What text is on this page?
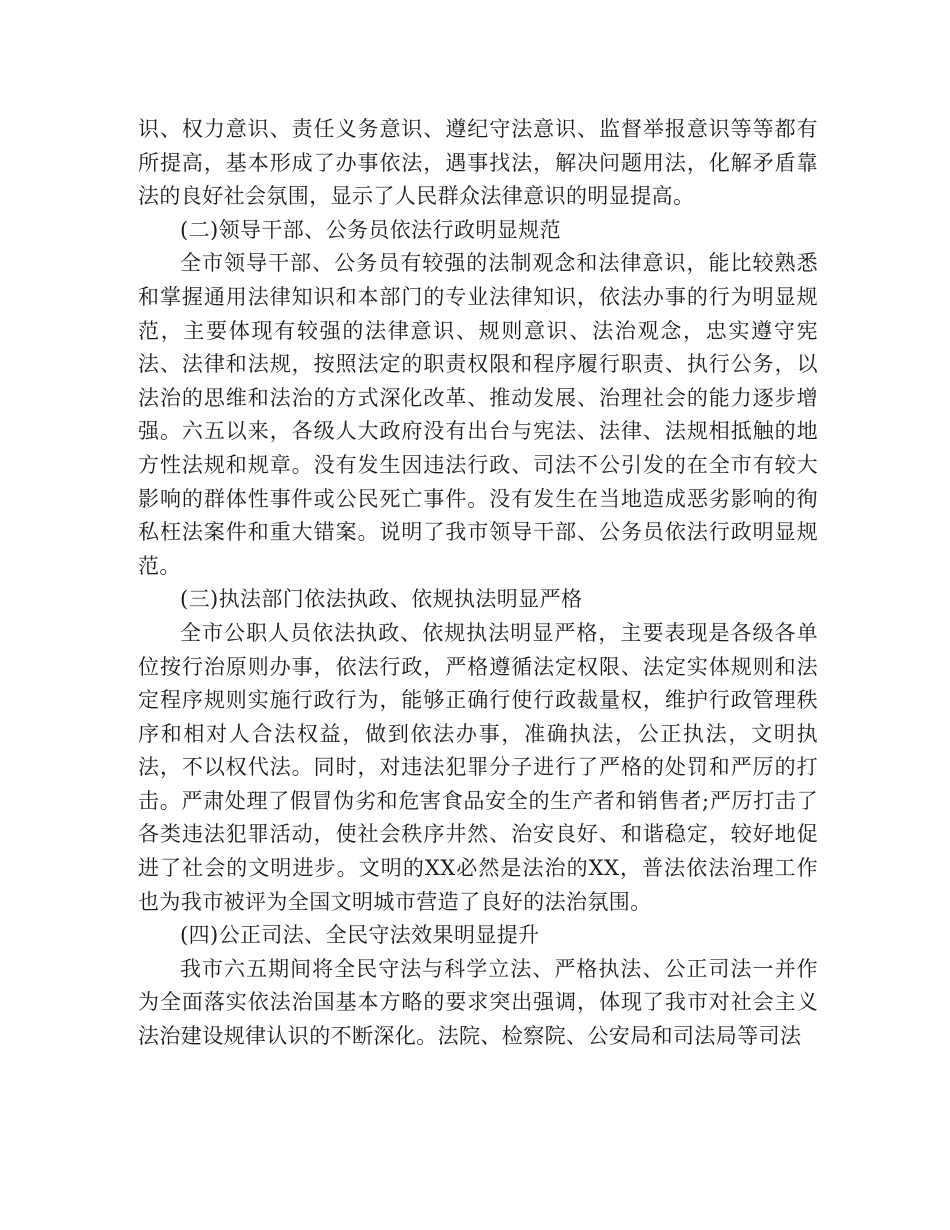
识、权力意识、责任义务意识、遵纪守法意识、监督举报意识等等都有所提高，基本形成了办事依法，遇事找法，解决问题用法，化解矛盾靠法的良好社会氛围，显示了人民群众法律意识的明显提高。

(二)领导干部、公务员依法行政明显规范

全市领导干部、公务员有较强的法制观念和法律意识，能比较熟悉和掌握通用法律知识和本部门的专业法律知识，依法办事的行为明显规范，主要体现有较强的法律意识、规则意识、法治观念，忠实遵守宪法、法律和法规，按照法定的职责权限和程序履行职责、执行公务，以法治的思维和法治的方式深化改革、推动发展、治理社会的能力逐步增强。六五以来，各级人大政府没有出台与宪法、法律、法规相抵触的地方性法规和规章。没有发生因违法行政、司法不公引发的在全市有较大影响的群体性事件或公民死亡事件。没有发生在当地造成恶劣影响的徇私枉法案件和重大错案。说明了我市领导干部、公务员依法行政明显规范。

(三)执法部门依法执政、依规执法明显严格

全市公职人员依法执政、依规执法明显严格，主要表现是各级各单位按行治原则办事，依法行政，严格遵循法定权限、法定实体规则和法定程序规则实施行政行为，能够正确行使行政裁量权，维护行政管理秩序和相对人合法权益，做到依法办事，准确执法，公正执法，文明执法，不以权代法。同时，对违法犯罪分子进行了严格的处罚和严厉的打击。严肃处理了假冒伪劣和危害食品安全的生产者和销售者;严厉打击了各类违法犯罪活动，使社会秩序井然、治安良好、和谐稳定，较好地促进了社会的文明进步。文明的XX必然是法治的XX，普法依法治理工作也为我市被评为全国文明城市营造了良好的法治氛围。

(四)公正司法、全民守法效果明显提升

我市六五期间将全民守法与科学立法、严格执法、公正司法一并作为全面落实依法治国基本方略的要求突出强调，体现了我市对社会主义法治建设规律认识的不断深化。法院、检察院、公安局和司法局等司法
